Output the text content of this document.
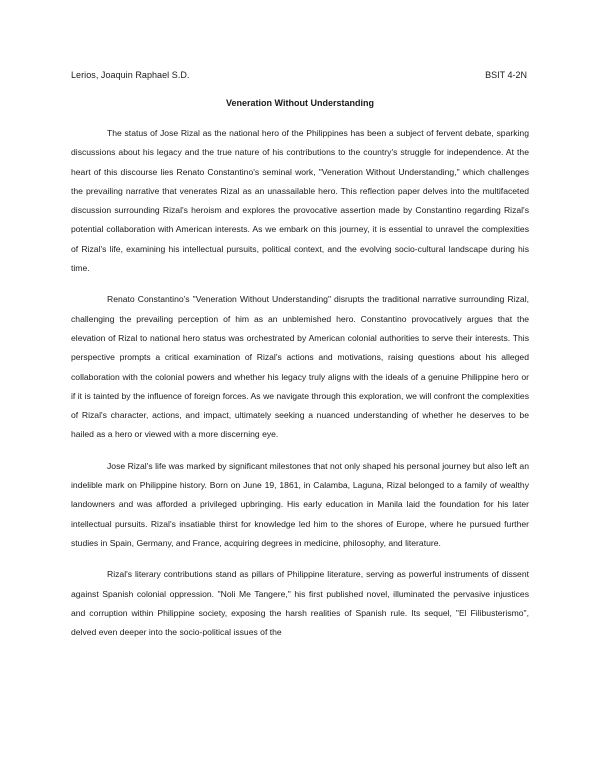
Lerios, Joaquin Raphael S.D.	BSIT 4-2N
Veneration Without Understanding

The status of Jose Rizal as the national hero of the Philippines has been a subject of fervent debate, sparking discussions about his legacy and the true nature of his contributions to the country's struggle for independence. At the heart of this discourse lies Renato Constantino's seminal work, "Veneration Without Understanding," which challenges the prevailing narrative that venerates Rizal as an unassailable hero. This reflection paper delves into the multifaceted discussion surrounding Rizal's heroism and explores the provocative assertion made by Constantino regarding Rizal's potential collaboration with American interests. As we embark on this journey, it is essential to unravel the complexities of Rizal's life, examining his intellectual pursuits, political context, and the evolving socio-cultural landscape during his time.

Renato Constantino's "Veneration Without Understanding" disrupts the traditional narrative surrounding Rizal, challenging the prevailing perception of him as an unblemished hero. Constantino provocatively argues that the elevation of Rizal to national hero status was orchestrated by American colonial authorities to serve their interests. This perspective prompts a critical examination of Rizal's actions and motivations, raising questions about his alleged collaboration with the colonial powers and whether his legacy truly aligns with the ideals of a genuine Philippine hero or if it is tainted by the influence of foreign forces. As we navigate through this exploration, we will confront the complexities of Rizal's character, actions, and impact, ultimately seeking a nuanced understanding of whether he deserves to be hailed as a hero or viewed with a more discerning eye.

Jose Rizal's life was marked by significant milestones that not only shaped his personal journey but also left an indelible mark on Philippine history. Born on June 19, 1861, in Calamba, Laguna, Rizal belonged to a family of wealthy landowners and was afforded a privileged upbringing. His early education in Manila laid the foundation for his later intellectual pursuits. Rizal's insatiable thirst for knowledge led him to the shores of Europe, where he pursued further studies in Spain, Germany, and France, acquiring degrees in medicine, philosophy, and literature.

Rizal's literary contributions stand as pillars of Philippine literature, serving as powerful instruments of dissent against Spanish colonial oppression. "Noli Me Tangere," his first published novel, illuminated the pervasive injustices and corruption within Philippine society, exposing the harsh realities of Spanish rule. Its sequel, "El Filibusterismo", delved even deeper into the socio-political issues of the
